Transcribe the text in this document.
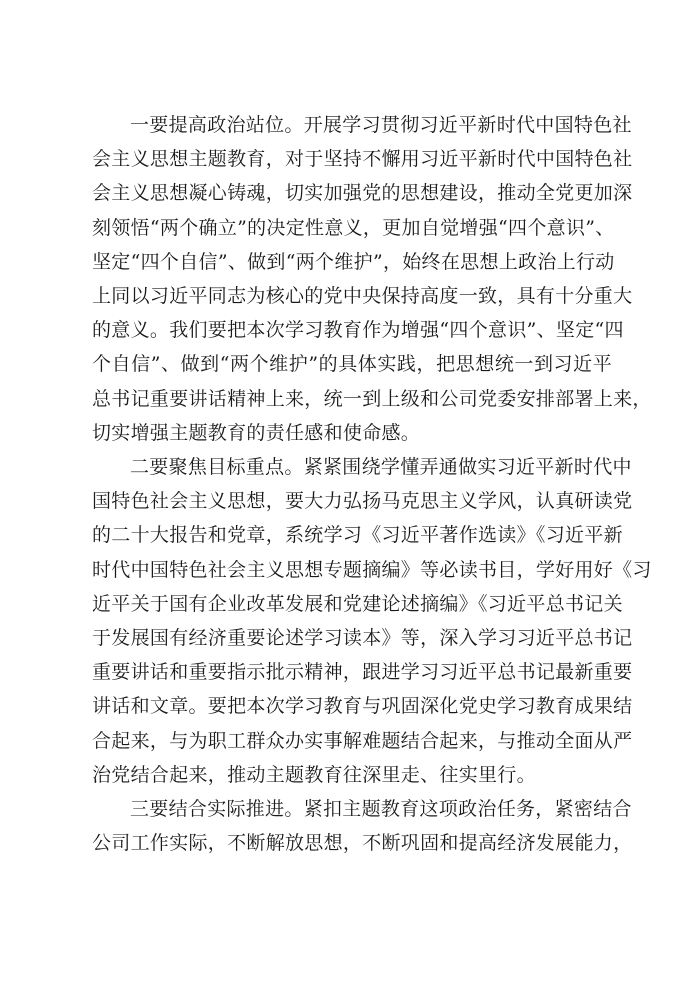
一要提高政治站位。开展学习贯彻习近平新时代中国特色社
会主义思想主题教育，对于坚持不懈用习近平新时代中国特色社
会主义思想凝心铸魂，切实加强党的思想建设，推动全党更加深
刻领悟“两个确立”的决定性意义，更加自觉增强“四个意识”、
坚定“四个自信”、做到“两个维护”，始终在思想上政治上行动
上同以习近平同志为核心的党中央保持高度一致，具有十分重大
的意义。我们要把本次学习教育作为增强“四个意识”、坚定“四
个自信”、做到“两个维护”的具体实践，把思想统一到习近平
总书记重要讲话精神上来，统一到上级和公司党委安排部署上来，
切实增强主题教育的责任感和使命感。
二要聚焦目标重点。紧紧围绕学懂弄通做实习近平新时代中
国特色社会主义思想，要大力弘扬马克思主义学风，认真研读党
的二十大报告和党章，系统学习《习近平著作选读》《习近平新
时代中国特色社会主义思想专题摘编》等必读书目，学好用好《习
近平关于国有企业改革发展和党建论述摘编》《习近平总书记关
于发展国有经济重要论述学习读本》等，深入学习习近平总书记
重要讲话和重要指示批示精神，跟进学习习近平总书记最新重要
讲话和文章。要把本次学习教育与巩固深化党史学习教育成果结
合起来，与为职工群众办实事解难题结合起来，与推动全面从严
治党结合起来，推动主题教育往深里走、往实里行。
三要结合实际推进。紧扣主题教育这项政治任务，紧密结合
公司工作实际，不断解放思想，不断巩固和提高经济发展能力，
